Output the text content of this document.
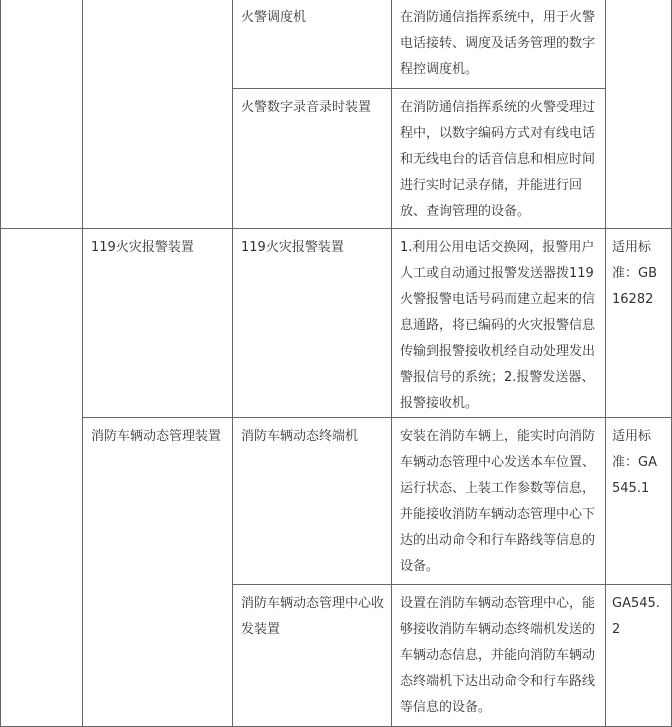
		火警调度机	在消防通信指挥系统中，用于火警电话接转、调度及话务管理的数字程控调度机。	
		火警数字录音录时装置	在消防通信指挥系统的火警受理过程中，以数字编码方式对有线电话和无线电台的话音信息和相应时间进行实时记录存储，并能进行回放、查询管理的设备。	
	119火灾报警装置	119火灾报警装置	1.利用公用电话交换网，报警用户人工或自动通过报警发送器拨119火警报警电话号码而建立起来的信息通路，将已编码的火灾报警信息传输到报警接收机经自动处理发出警报信号的系统；2.报警发送器、报警接收机。	适用标准：GB16282
	消防车辆动态管理装置	消防车辆动态终端机	安装在消防车辆上，能实时向消防车辆动态管理中心发送本车位置、运行状态、上装工作参数等信息，并能接收消防车辆动态管理中心下达的出动命令和行车路线等信息的设备。	适用标准：GA545.1
		消防车辆动态管理中心收发装置	设置在消防车辆动态管理中心，能够接收消防车辆动态终端机发送的车辆动态信息，并能向消防车辆动态终端机下达出动命令和行车路线等信息的设备。	GA545.2
